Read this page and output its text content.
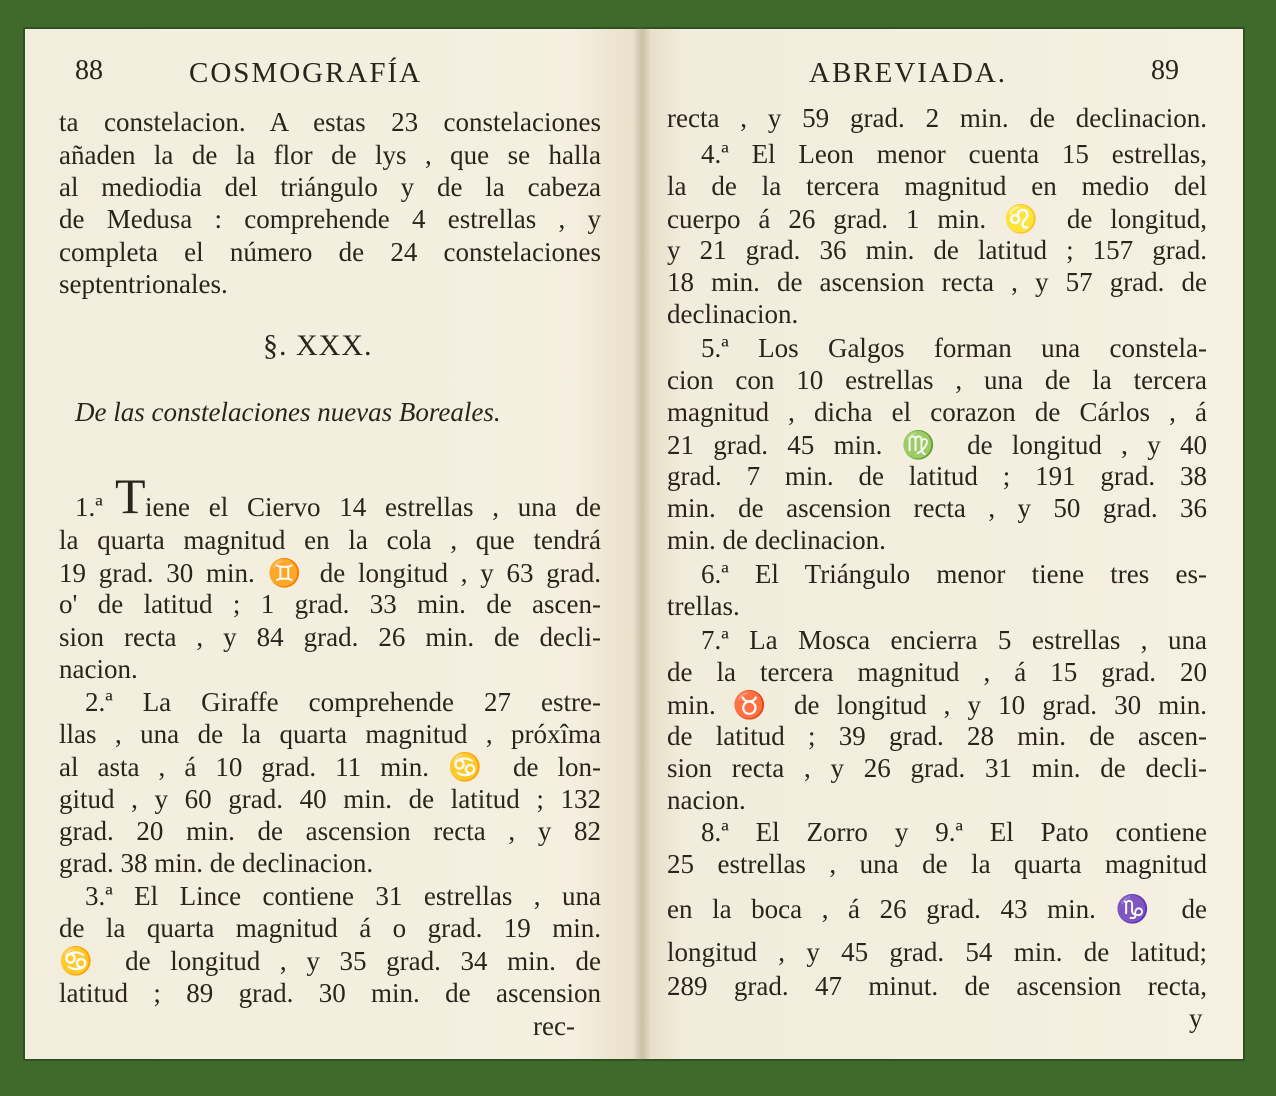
88	COSMOGRAFÍA
ta constelacion. A estas 23 constelaciones
añaden la de la flor de lys , que se halla
al mediodia del triángulo y de la cabeza
de Medusa : comprehende 4 estrellas , y
completa el número de 24 constelaciones
septentrionales.
§. XXX.
De las constelaciones nuevas Boreales.
1.ª T iene el Ciervo 14 estrellas , una de
la quarta magnitud en la cola , que tendrá
19 grad. 30 min. ♊ de longitud , y 63 grad.
o' de latitud ; 1 grad. 33 min. de ascen-
sion recta , y 84 grad. 26 min. de decli-
nacion.
2.ª La Giraffe comprehende 27 estre-
llas , una de la quarta magnitud , próxîma
al asta , á 10 grad. 11 min. ♋ de lon-
gitud , y 60 grad. 40 min. de latitud ; 132
grad. 20 min. de ascension recta , y 82
grad. 38 min. de declinacion.
3.ª El Lince contiene 31 estrellas , una
de la quarta magnitud á o grad. 19 min.
♋ de longitud , y 35 grad. 34 min. de
latitud ; 89 grad. 30 min. de ascension
rec-
ABREVIADA.	89
recta , y 59 grad. 2 min. de declinacion.
4.ª El Leon menor cuenta 15 estrellas,
la de la tercera magnitud en medio del
cuerpo á 26 grad. 1 min. ♌ de longitud,
y 21 grad. 36 min. de latitud ; 157 grad.
18 min. de ascension recta , y 57 grad. de
declinacion.
5.ª Los Galgos forman una constela-
cion con 10 estrellas , una de la tercera
magnitud , dicha el corazon de Cárlos , á
21 grad. 45 min. ♍ de longitud , y 40
grad. 7 min. de latitud ; 191 grad. 38
min. de ascension recta , y 50 grad. 36
min. de declinacion.
6.ª El Triángulo menor tiene tres es-
trellas.
7.ª La Mosca encierra 5 estrellas , una
de la tercera magnitud , á 15 grad. 20
min. ♉ de longitud , y 10 grad. 30 min.
de latitud ; 39 grad. 28 min. de ascen-
sion recta , y 26 grad. 31 min. de decli-
nacion.
8.ª El Zorro y 9.ª El Pato contiene
25 estrellas , una de la quarta magnitud
en la boca , á 26 grad. 43 min. ♑ de
longitud , y 45 grad. 54 min. de latitud;
289 grad. 47 minut. de ascension recta,
y
